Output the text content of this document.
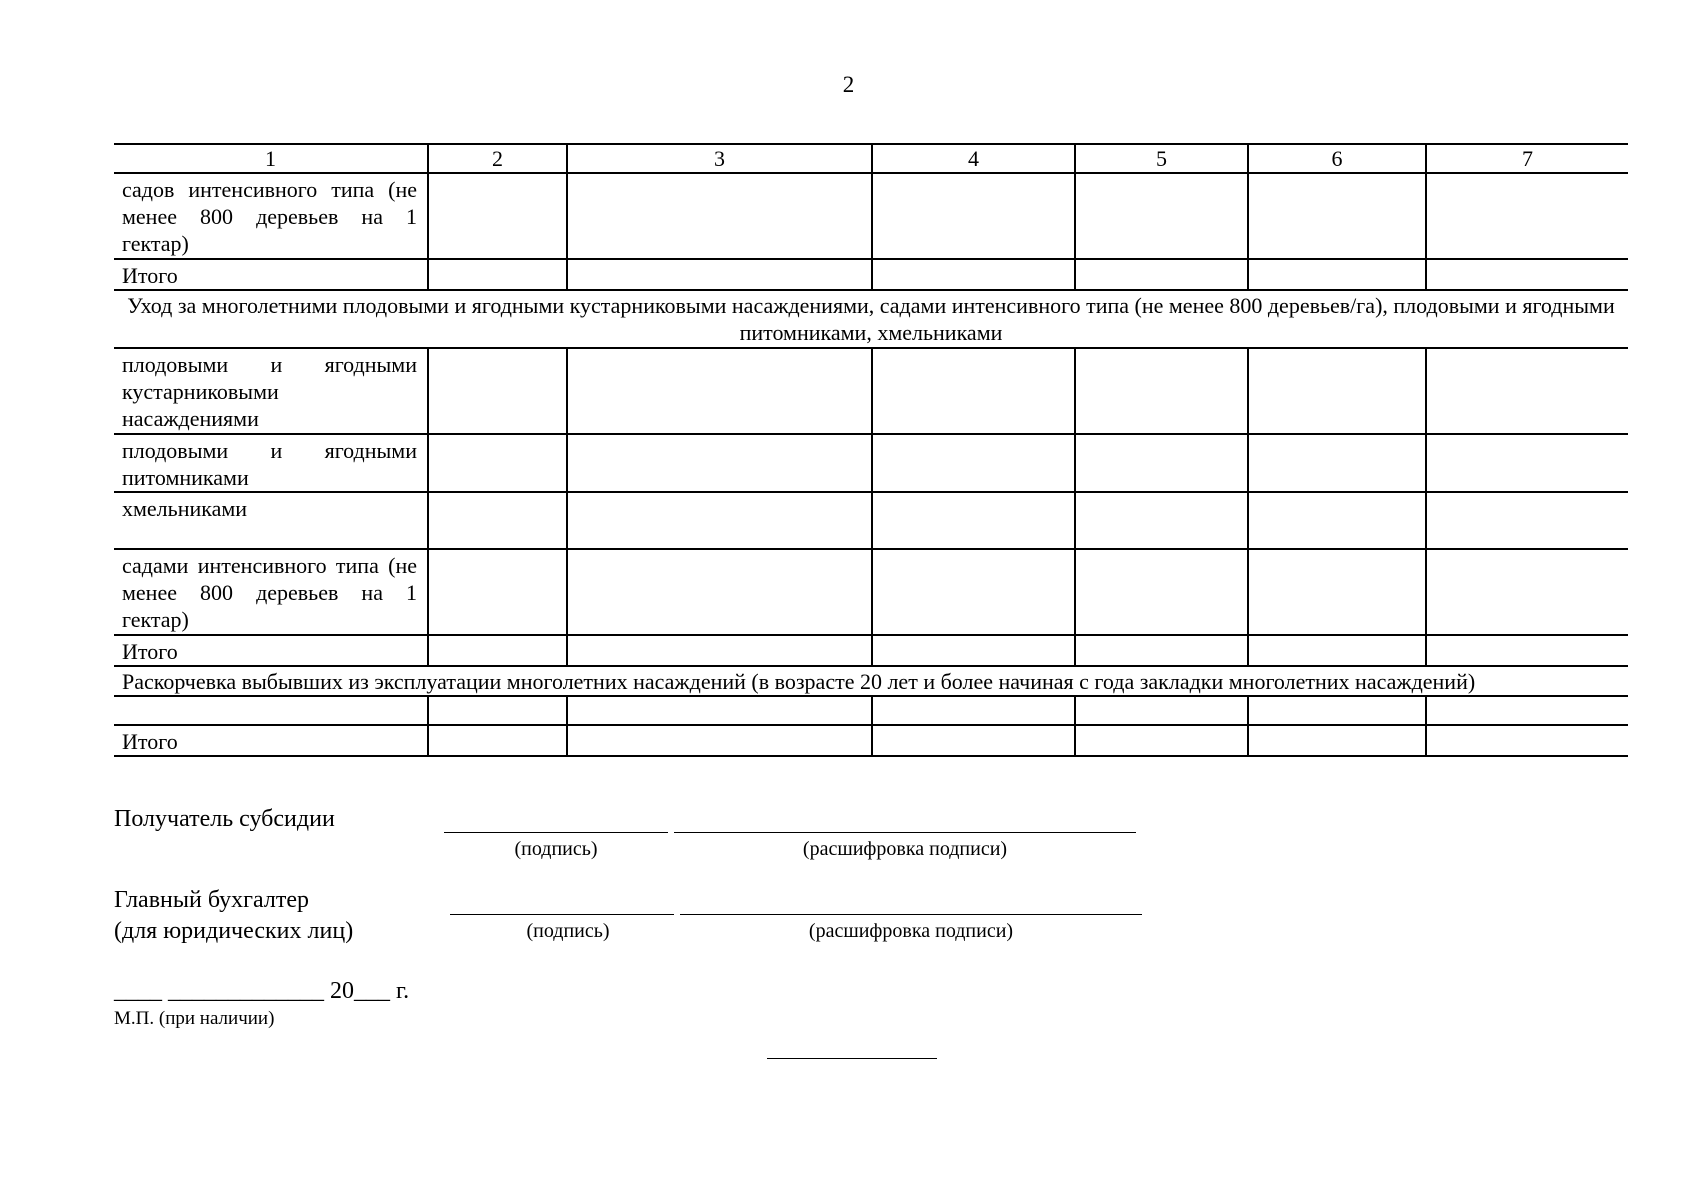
2
1	2	3	4	5	6	7
садов интенсивного типа (не менее 800 деревьев на 1 гектар)						
Итого						
Уход за многолетними плодовыми и ягодными кустарниковыми насаждениями, садами интенсивного типа (не менее 800 деревьев/га), плодовыми и ягодными питомниками, хмельниками						
плодовыми и ягодными кустарниковыми насаждениями						
плодовыми и ягодными питомниками						
хмельниками						
садами интенсивного типа (не менее 800 деревьев на 1 гектар)						
Итого						
Раскорчевка выбывших из эксплуатации многолетних насаждений (в возрасте 20 лет и более начиная с года закладки многолетних насаждений)						

Итого						
Получатель субсидии
(подпись)	(расшифровка подписи)
Главный бухгалтер
(для юридических лиц)	(подпись)	(расшифровка подписи)
____ _____________ 20___ г.
М.П. (при наличии)
